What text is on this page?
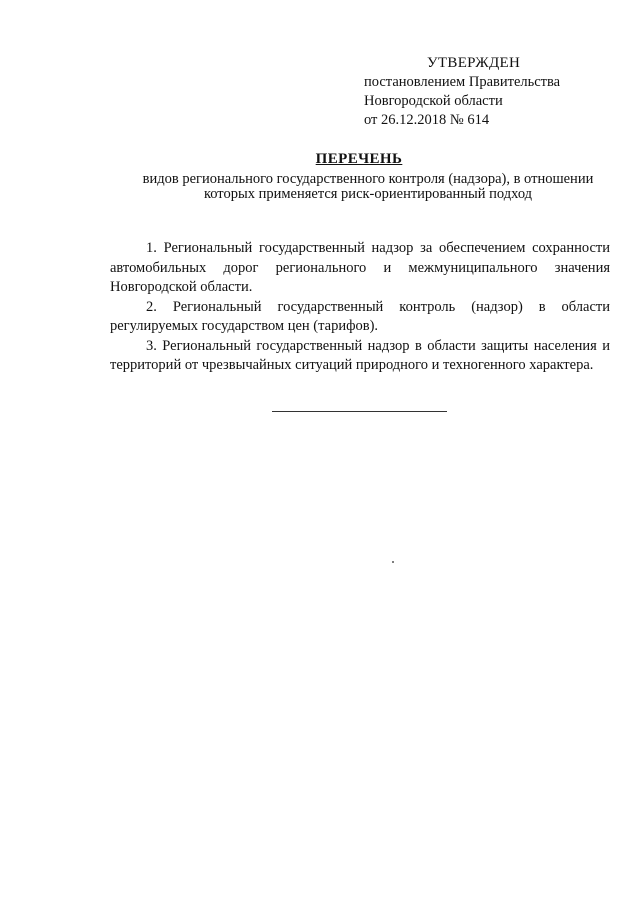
УТВЕРЖДЕН
постановлением Правительства
Новгородской области
от 26.12.2018 № 614
ПЕРЕЧЕНЬ
видов регионального государственного контроля (надзора), в отношении
которых применяется риск-ориентированный подход

1. Региональный государственный надзор за обеспечением сохранности автомобильных дорог регионального и межмуниципального значения Новгородской области.

2. Региональный государственный контроль (надзор) в области регулируемых государством цен (тарифов).

3. Региональный государственный надзор в области защиты населения и территорий от чрезвычайных ситуаций природного и техногенного характера.
